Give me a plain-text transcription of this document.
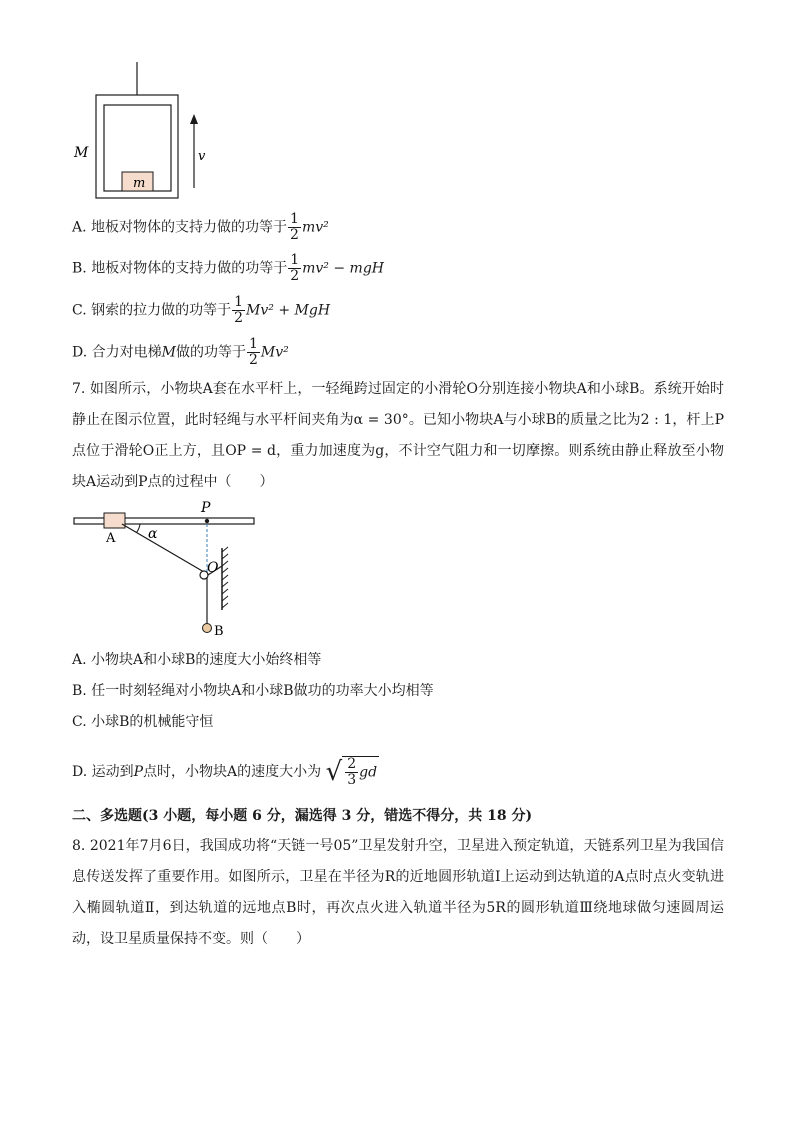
m
M	v
A. 地板对物体的支持力做的功等于 $\frac{1}{2} mv^2$
B. 地板对物体的支持力做的功等于 $\frac{1}{2} mv^2$ − mgH
C. 钢索的拉力做的功等于 $\frac{1}{2} Mv^2$ + MgH
D. 合力对电梯M做的功等于 $\frac{1}{2} Mv^2$
7. 如图所示，小物块A套在水平杆上，一轻绳跨过固定的小滑轮O分别连接小物块A和小球B。系统开始时静止在图示位置，此时轻绳与水平杆间夹角为α = 30°。已知小物块A与小球B的质量之比为2 : 1，杆上P点位于滑轮O正上方，且OP = d，重力加速度为g，不计空气阻力和一切摩擦。则系统由静止释放至小物块A运动到P点的过程中（　　）
α
A
P
O
B
A. 小物块A和小球B的速度大小始终相等
B. 任一时刻轻绳对小物块A和小球B做功的功率大小均相等
C. 小球B的机械能守恒
D. 运动到P点时，小物块A的速度大小为 √ $\frac{2}{3}$ gd
二、多选题(3 小题，每小题 6 分，漏选得 3 分，错选不得分，共 18 分)
8. 2021年7月6日，我国成功将“天链一号05”卫星发射升空，卫星进入预定轨道，天链系列卫星为我国信息传送发挥了重要作用。如图所示，卫星在半径为R的近地圆形轨道Ⅰ上运动到达轨道的A点时点火变轨进入椭圆轨道Ⅱ，到达轨道的远地点B时，再次点火进入轨道半径为5R的圆形轨道Ⅲ绕地球做匀速圆周运动，设卫星质量保持不变。则（　　）
